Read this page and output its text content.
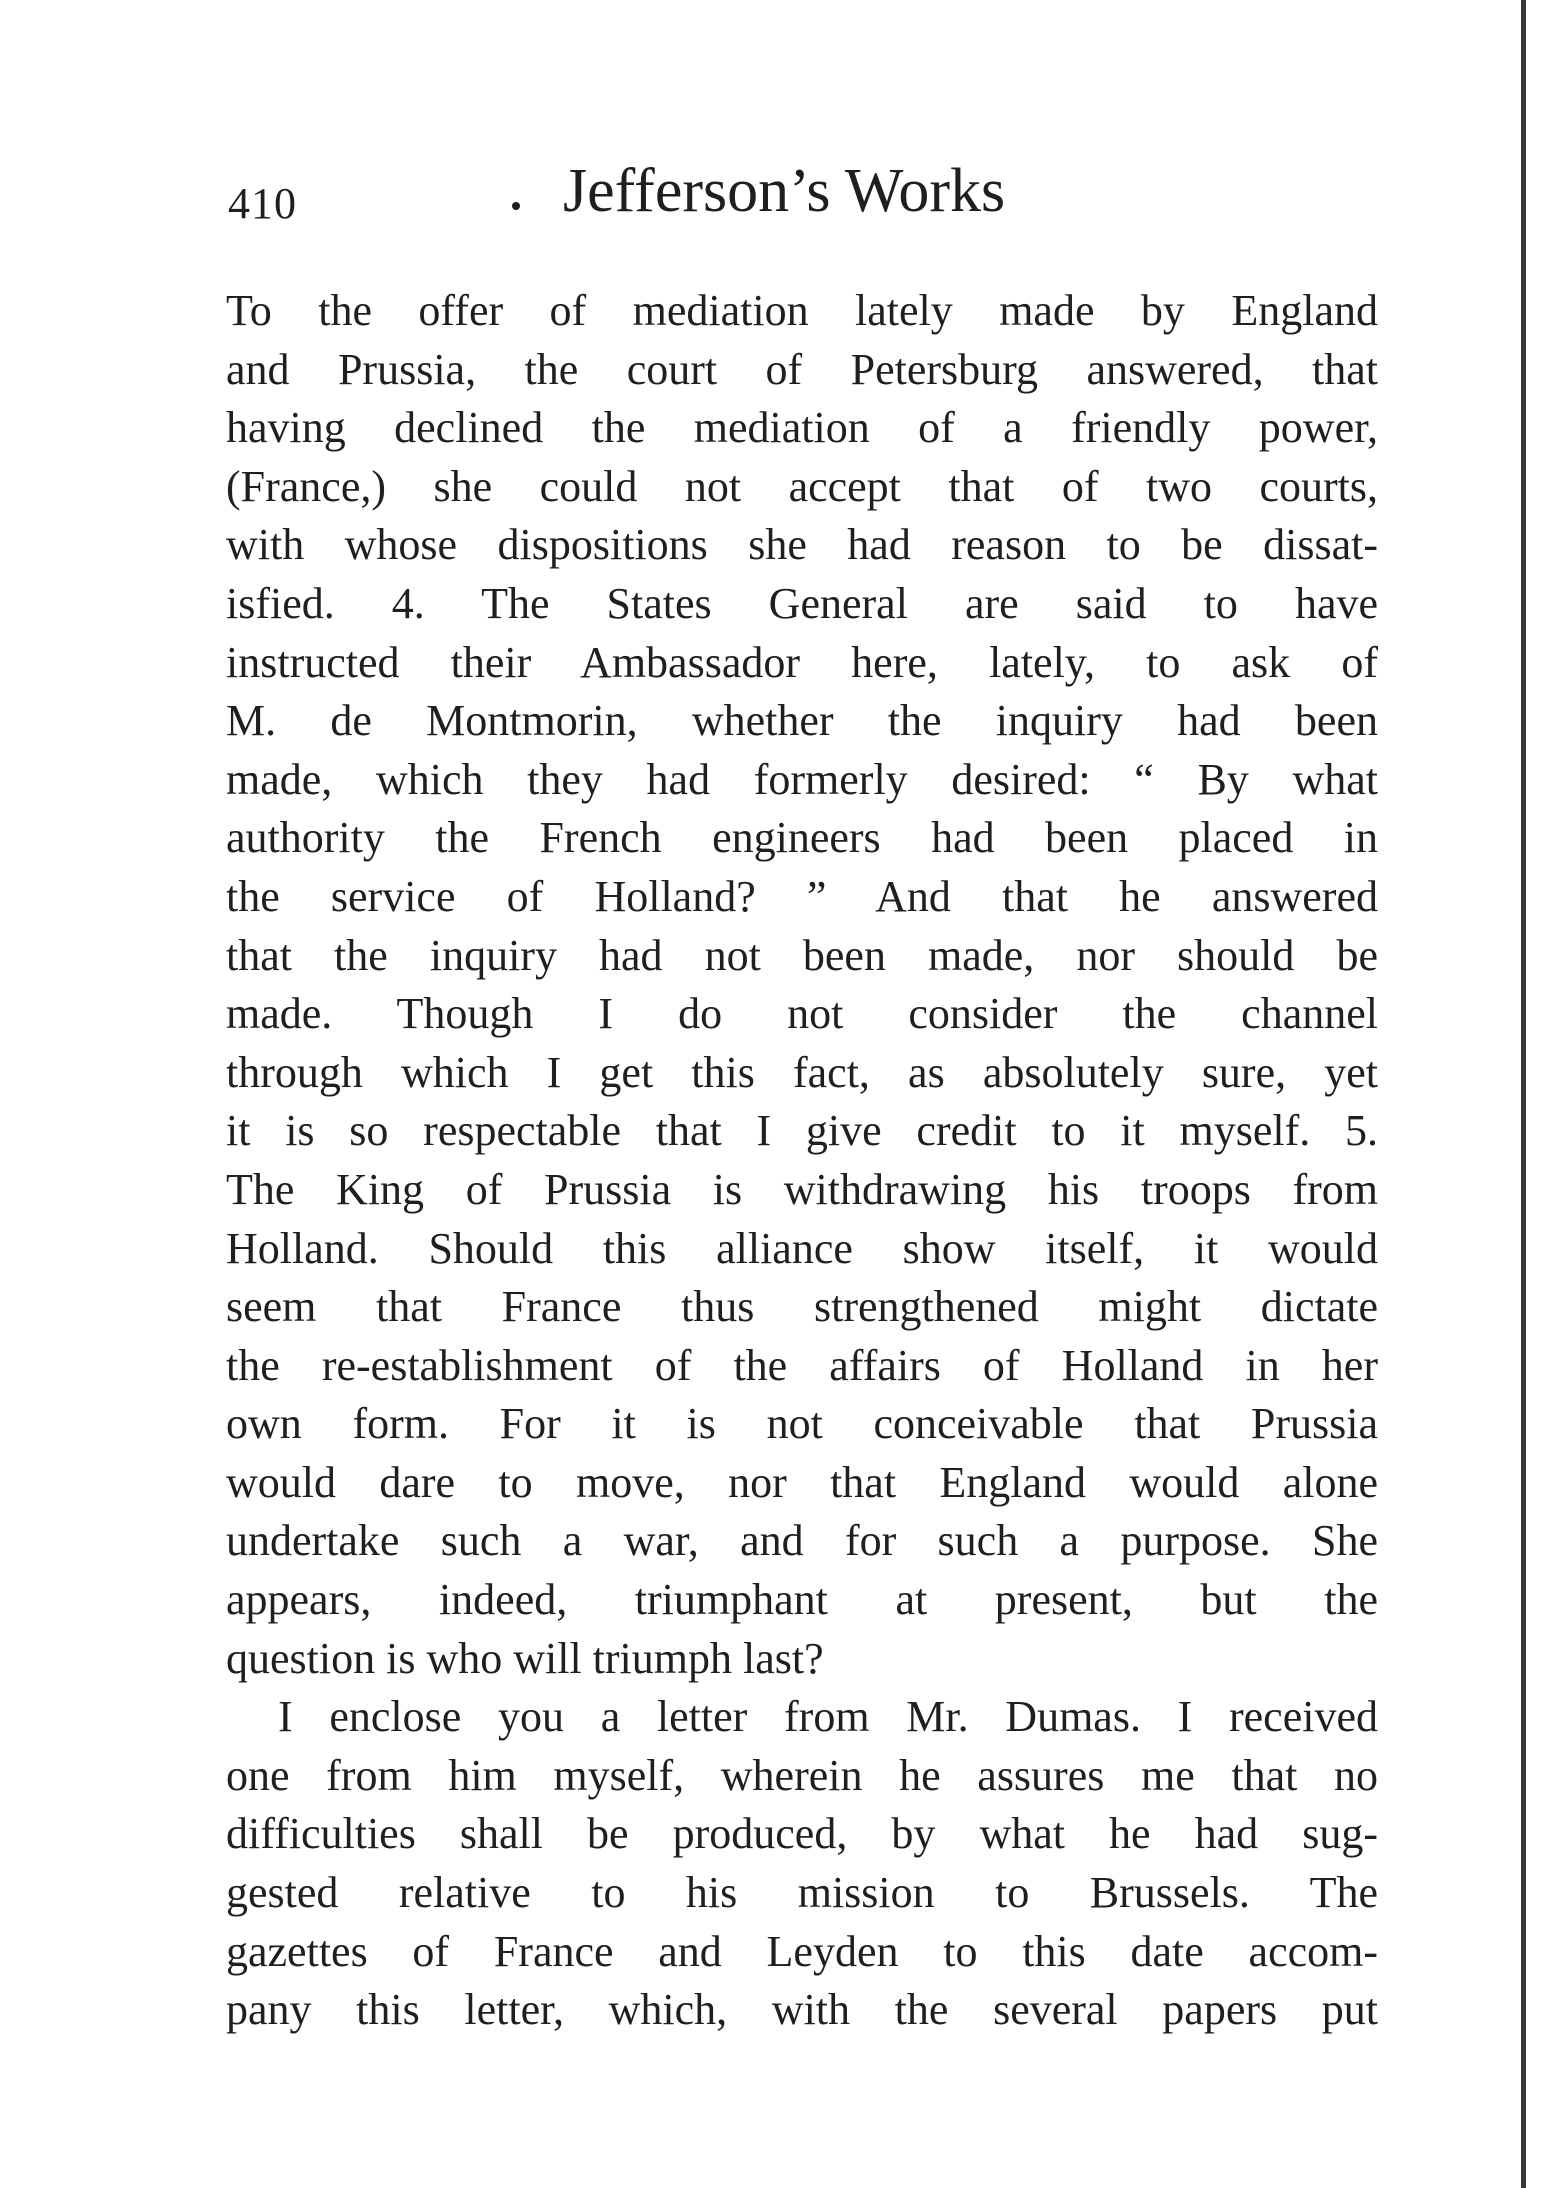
410	Jefferson’s Works
To the offer of mediation lately made by England
and Prussia, the court of Petersburg answered, that
having declined the mediation of a friendly power,
(France,) she could not accept that of two courts,
with whose dispositions she had reason to be dissat-
isfied. 4. The States General are said to have
instructed their Ambassador here, lately, to ask of
M. de Montmorin, whether the inquiry had been
made, which they had formerly desired: “ By what
authority the French engineers had been placed in
the service of Holland? ” And that he answered
that the inquiry had not been made, nor should be
made. Though I do not consider the channel
through which I get this fact, as absolutely sure, yet
it is so respectable that I give credit to it myself. 5.
The King of Prussia is withdrawing his troops from
Holland. Should this alliance show itself, it would
seem that France thus strengthened might dictate
the re-establishment of the affairs of Holland in her
own form. For it is not conceivable that Prussia
would dare to move, nor that England would alone
undertake such a war, and for such a purpose. She
appears, indeed, triumphant at present, but the
question is who will triumph last?
I enclose you a letter from Mr. Dumas. I received
one from him myself, wherein he assures me that no
difficulties shall be produced, by what he had sug-
gested relative to his mission to Brussels. The
gazettes of France and Leyden to this date accom-
pany this letter, which, with the several papers put
